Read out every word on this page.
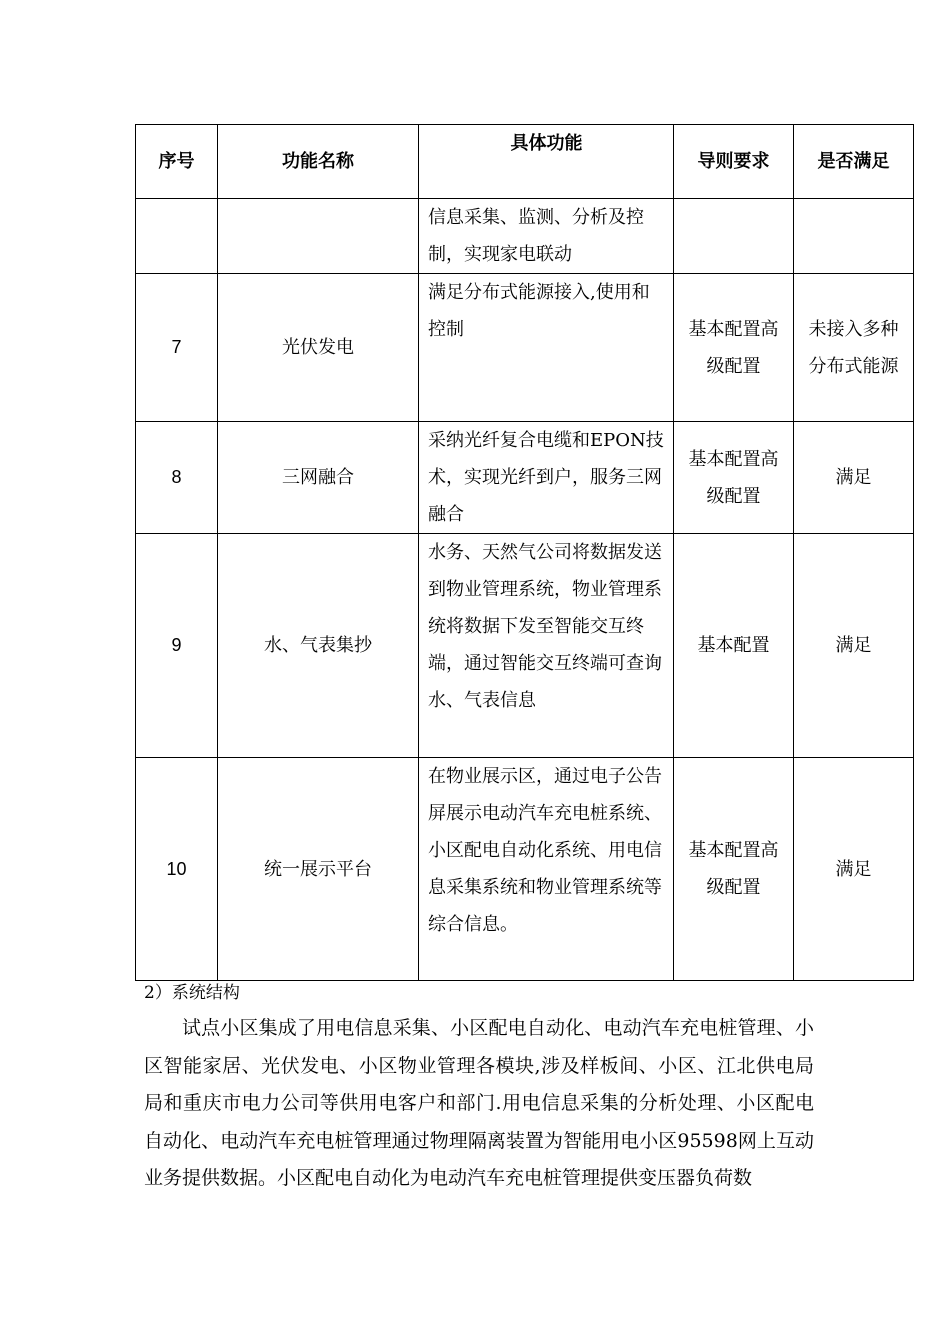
序号	功能名称	具体功能	导则要求	是否满足
		信息采集、监测、分析及控制，实现家电联动		
7	光伏发电	满足分布式能源接入,使用和控制	基本配置高级配置	未接入多种分布式能源
8	三网融合	采纳光纤复合电缆和EPON技术，实现光纤到户，服务三网融合	基本配置高级配置	满足
9	水、气表集抄	水务、天然气公司将数据发送到物业管理系统，物业管理系统将数据下发至智能交互终端，通过智能交互终端可查询水、气表信息	基本配置	满足
10	统一展示平台	在物业展示区，通过电子公告屏展示电动汽车充电桩系统、小区配电自动化系统、用电信息采集系统和物业管理系统等综合信息。	基本配置高级配置	满足
2）系统结构

试点小区集成了用电信息采集、小区配电自动化、电动汽车充电桩管理、小区智能家居、光伏发电、小区物业管理各模块,涉及样板间、小区、江北供电局局和重庆市电力公司等供用电客户和部门.用电信息采集的分析处理、小区配电自动化、电动汽车充电桩管理通过物理隔离装置为智能用电小区95598网上互动业务提供数据。小区配电自动化为电动汽车充电桩管理提供变压器负荷数
